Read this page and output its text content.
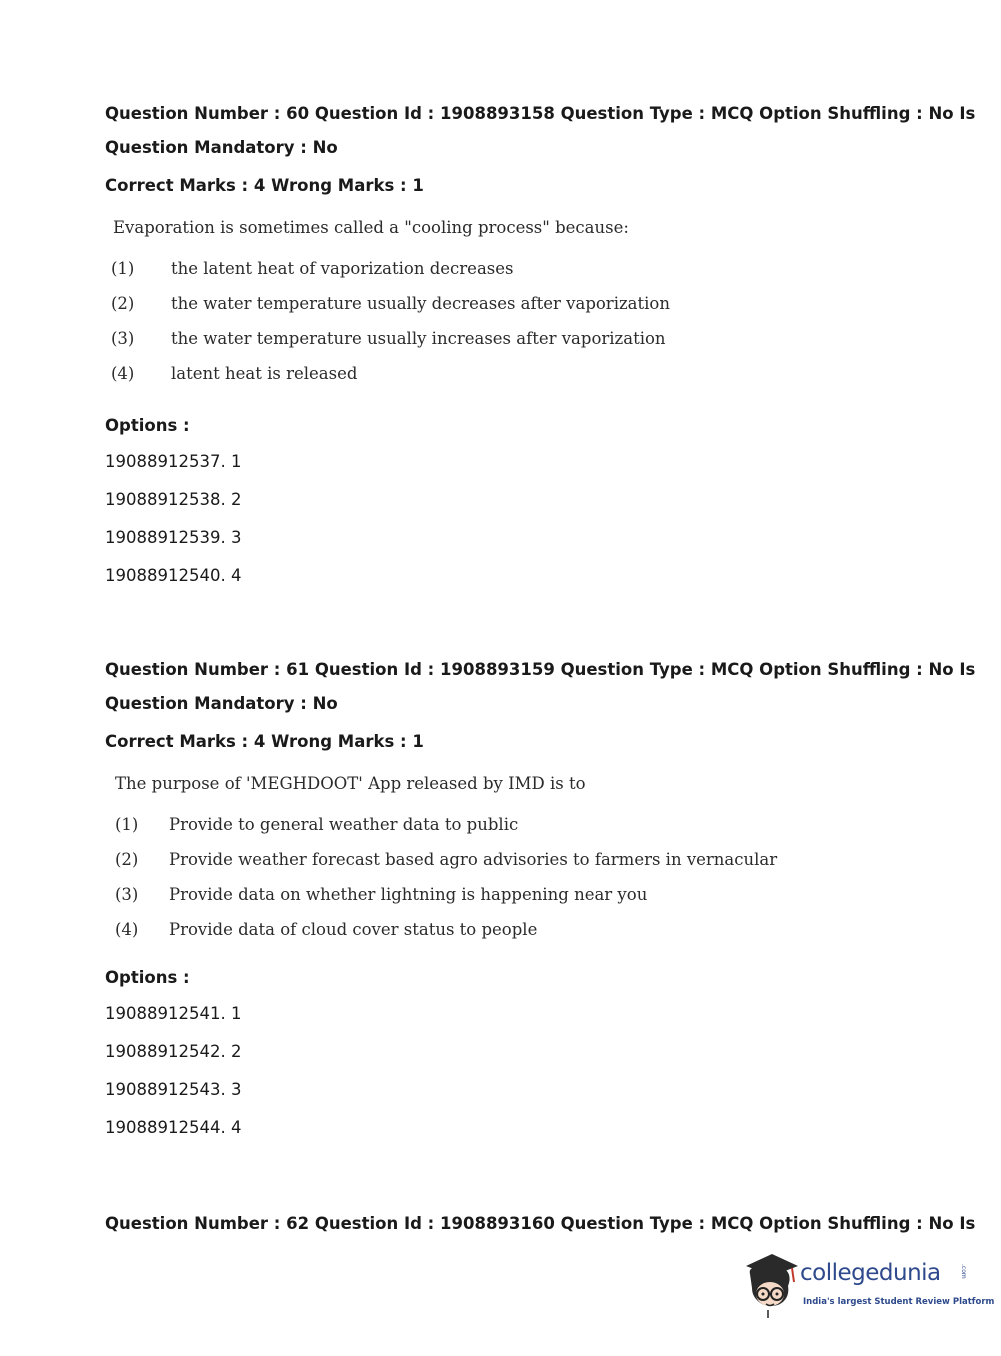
Question Number : 60 Question Id : 1908893158 Question Type : MCQ Option Shuffling : No Is
Question Mandatory : No
Correct Marks : 4 Wrong Marks : 1
Evaporation is sometimes called a "cooling process" because:
(1) the latent heat of vaporization decreases
(2) the water temperature usually decreases after vaporization
(3) the water temperature usually increases after vaporization
(4) latent heat is released
Options :
19088912537. 1
19088912538. 2
19088912539. 3
19088912540. 4
Question Number : 61 Question Id : 1908893159 Question Type : MCQ Option Shuffling : No Is
Question Mandatory : No
Correct Marks : 4 Wrong Marks : 1
The purpose of 'MEGHDOOT' App released by IMD is to
(1) Provide to general weather data to public
(2) Provide weather forecast based agro advisories to farmers in vernacular
(3) Provide data on whether lightning is happening near you
(4) Provide data of cloud cover status to people
Options :
19088912541. 1
19088912542. 2
19088912543. 3
19088912544. 4
Question Number : 62 Question Id : 1908893160 Question Type : MCQ Option Shuffling : No Is
collegedunia	.com
India's largest Student Review Platform
